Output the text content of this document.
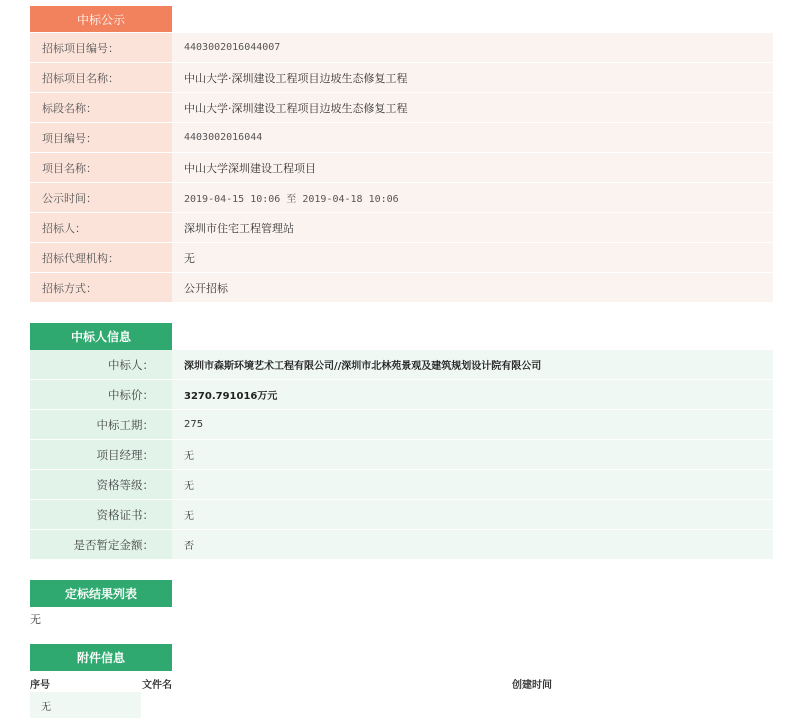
中标公示
招标项目编号：	4403002016044007
招标项目名称：	中山大学·深圳建设工程项目边坡生态修复工程
标段名称：	中山大学·深圳建设工程项目边坡生态修复工程
项目编号：	4403002016044
项目名称：	中山大学深圳建设工程项目
公示时间：	2019-04-15 10:06 至 2019-04-18 10:06
招标人：	深圳市住宅工程管理站
招标代理机构：	无
招标方式：	公开招标
中标人信息
中标人：	深圳市森斯环境艺术工程有限公司//深圳市北林苑景观及建筑规划设计院有限公司
中标价：	3270.791016万元
中标工期：	275
项目经理：	无
资格等级：	无
资格证书：	无
是否暂定金额：	否
定标结果列表
无
附件信息
序号	文件名	创建时间
无
